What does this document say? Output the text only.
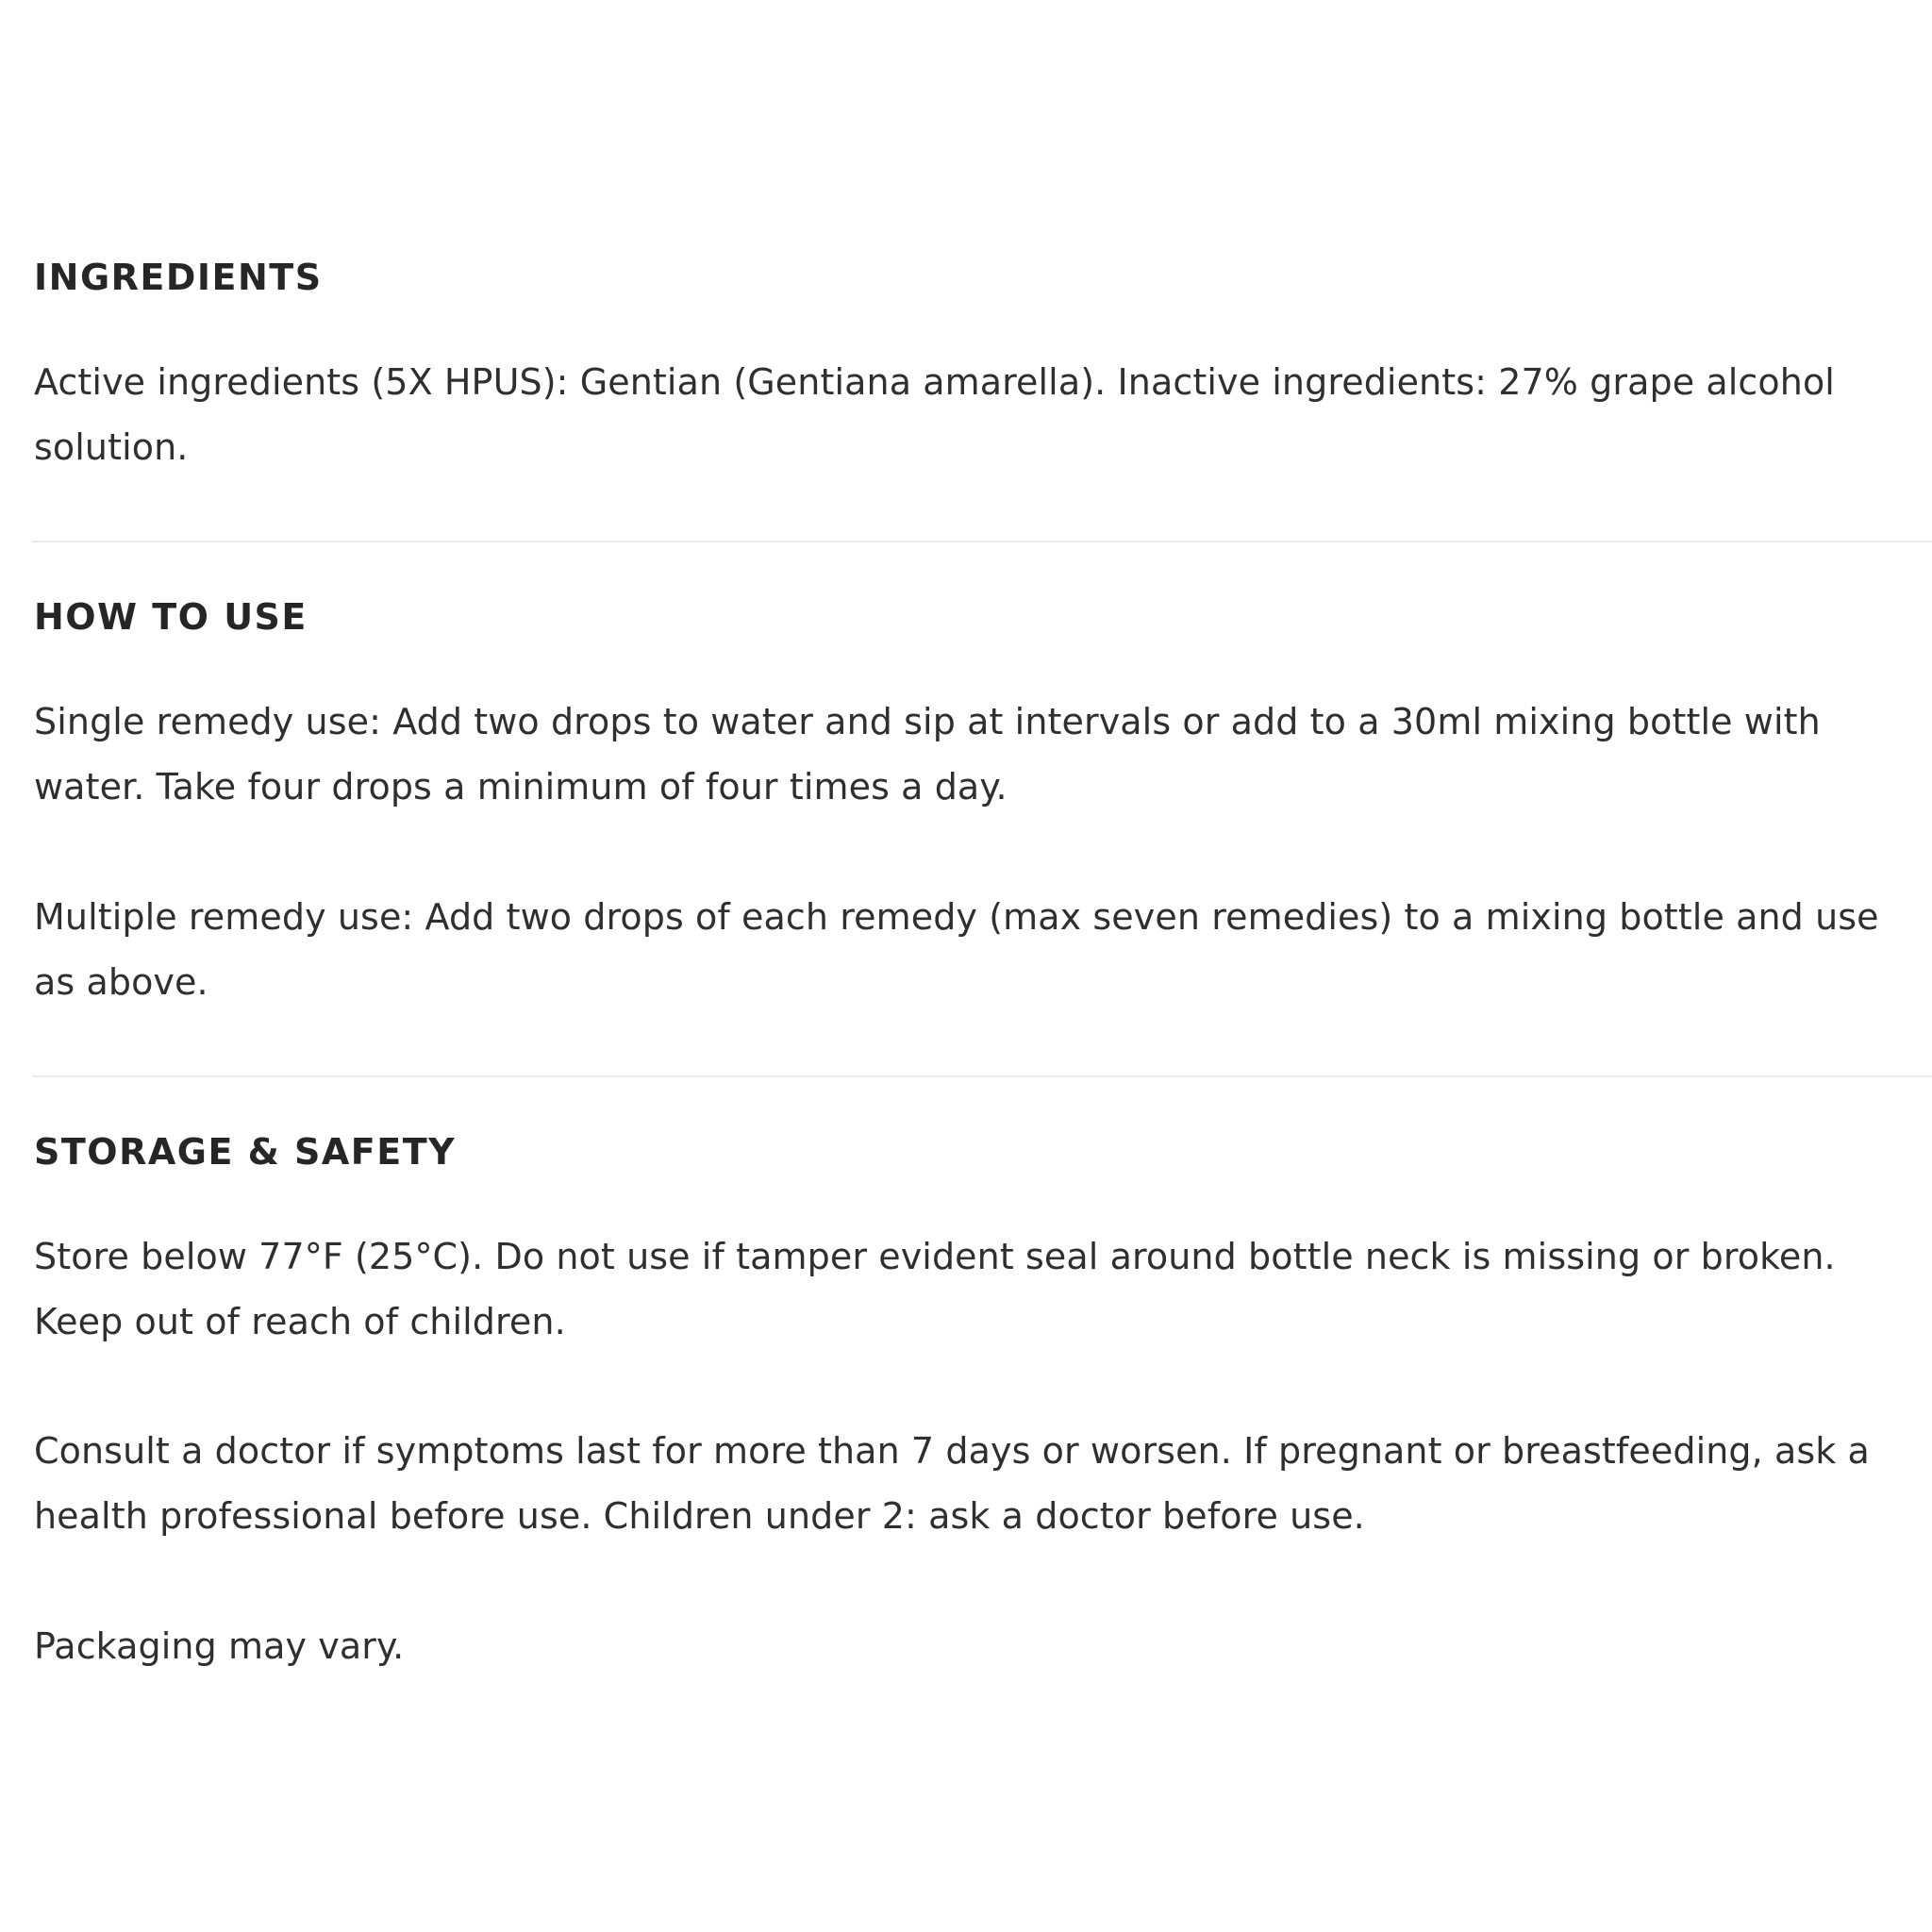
INGREDIENTS

Active ingredients (5X HPUS): Gentian (Gentiana amarella). Inactive ingredients: 27% grape alcohol solution.

HOW TO USE

Single remedy use: Add two drops to water and sip at intervals or add to a 30ml mixing bottle with water. Take four drops a minimum of four times a day.

Multiple remedy use: Add two drops of each remedy (max seven remedies) to a mixing bottle and use as above.

STORAGE & SAFETY

Store below 77°F (25°C). Do not use if tamper evident seal around bottle neck is missing or broken. Keep out of reach of children.

Consult a doctor if symptoms last for more than 7 days or worsen. If pregnant or breastfeeding, ask a health professional before use. Children under 2: ask a doctor before use.

Packaging may vary.
